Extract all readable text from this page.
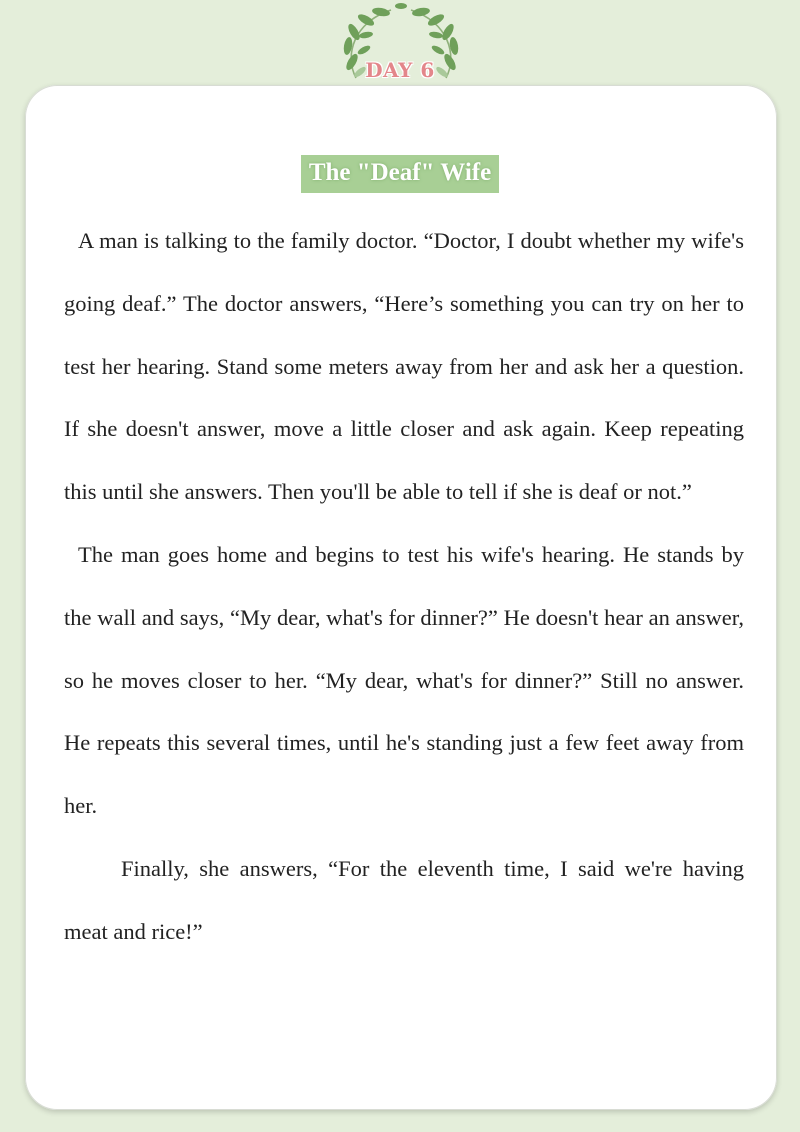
DAY 6
The "Deaf" Wife

A man is talking to the family doctor. “Doctor, I doubt whether my wife's going deaf.” The doctor answers, “Here’s something you can try on her to test her hearing. Stand some meters away from her and ask her a question. If she doesn't answer, move a little closer and ask again. Keep repeating this until she answers. Then you'll be able to tell if she is deaf or not.”

The man goes home and begins to test his wife's hearing. He stands by the wall and says, “My dear, what's for dinner?” He doesn't hear an answer, so he moves closer to her. “My dear, what's for dinner?” Still no answer. He repeats this several times, until he's standing just a few feet away from her.

Finally, she answers, “For the eleventh time, I said we're having meat and rice!”
